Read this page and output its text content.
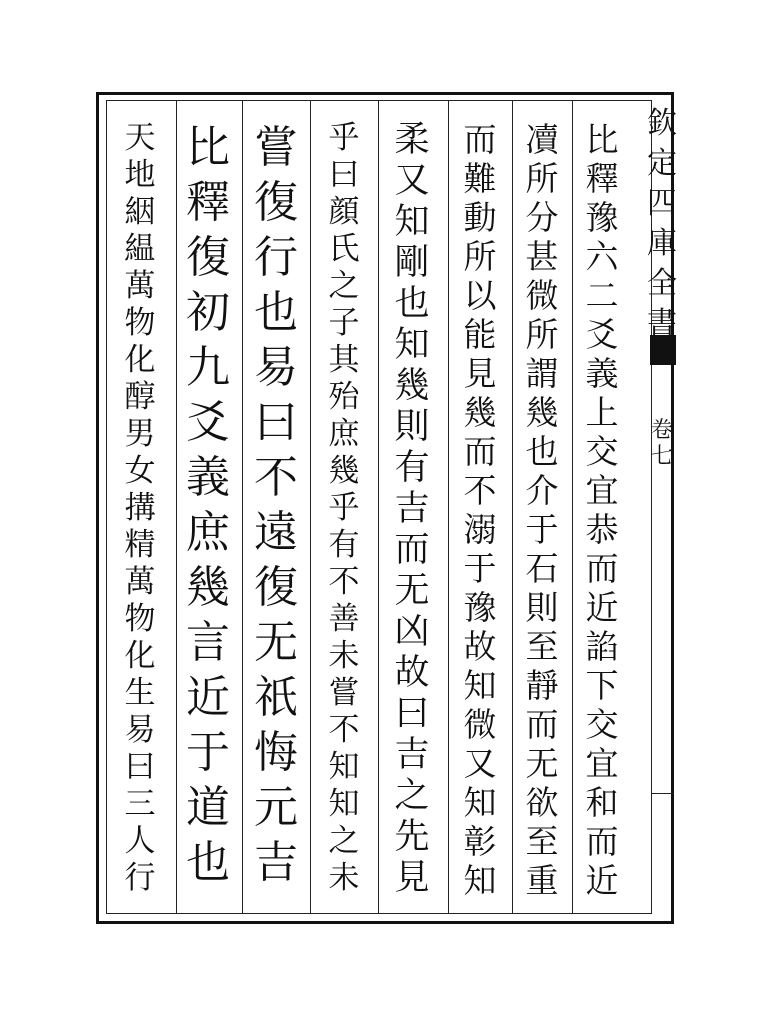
欽
定
四
庫
全
書
卷
七
比
釋
豫
六
二
爻
義
上
交
宜
恭
而
近
諂
下
交
宜
和
而
近
凟
所
分
甚
微
所
謂
幾
也
介
于
石
則
至
靜
而
无
欲
至
重
而
難
動
所
以
能
見
幾
而
不
溺
于
豫
故
知
微
又
知
彰
知
柔
又
知
剛
也
知
幾
則
有
吉
而
无
凶
故
曰
吉
之
先
見
乎
曰
顔
氏
之
子
其
殆
庶
幾
乎
有
不
善
未
嘗
不
知
知
之
未
嘗
復
行
也
易
曰
不
遠
復
无
祇
悔
元
吉
比
釋
復
初
九
爻
義
庶
幾
言
近
于
道
也
天
地
絪
緼
萬
物
化
醇
男
女
搆
精
萬
物
化
生
易
曰
三
人
行
